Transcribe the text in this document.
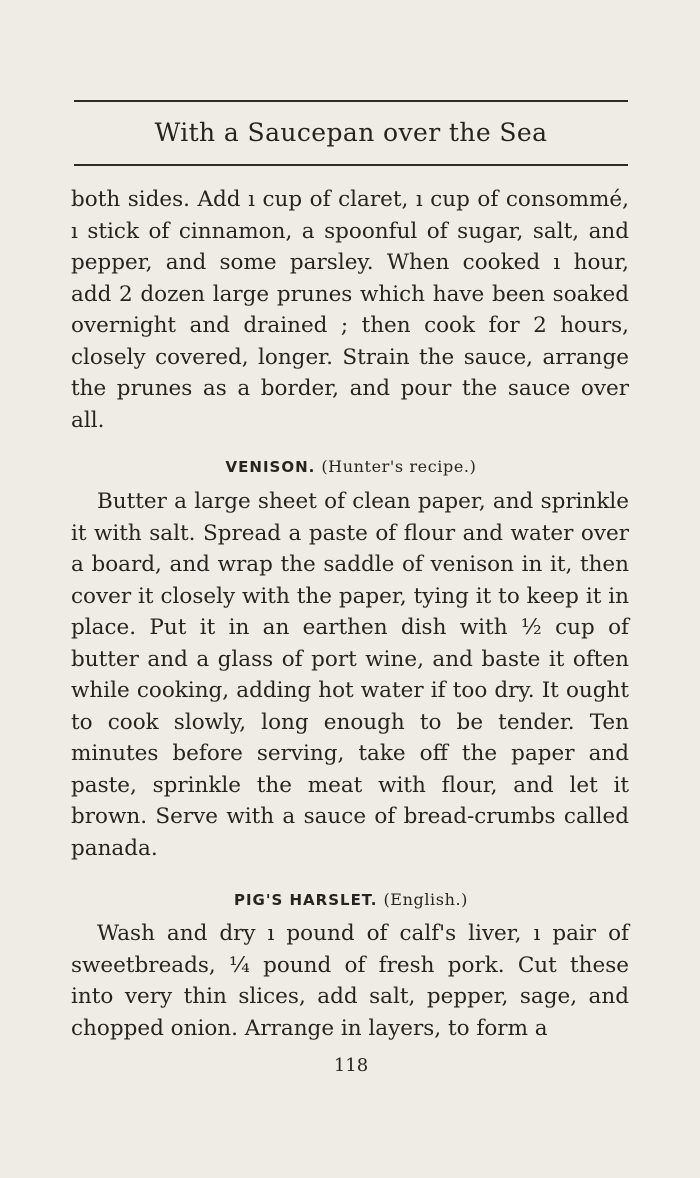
With a Saucepan over the Sea

both sides. Add ı cup of claret, ı cup of consommé, ı stick of cinnamon, a spoonful of sugar, salt, and pepper, and some parsley. When cooked ı hour, add 2 dozen large prunes which have been soaked overnight and drained ; then cook for 2 hours, closely covered, longer. Strain the sauce, arrange the prunes as a border, and pour the sauce over all.

VENISON. (Hunter's recipe.)

Butter a large sheet of clean paper, and sprinkle it with salt. Spread a paste of flour and water over a board, and wrap the saddle of venison in it, then cover it closely with the paper, tying it to keep it in place. Put it in an earthen dish with ½ cup of butter and a glass of port wine, and baste it often while cooking, adding hot water if too dry. It ought to cook slowly, long enough to be tender. Ten minutes before serving, take off the paper and paste, sprinkle the meat with flour, and let it brown. Serve with a sauce of bread-crumbs called panada.

PIG'S HARSLET. (English.)

Wash and dry ı pound of calf's liver, ı pair of sweetbreads, ¼ pound of fresh pork. Cut these into very thin slices, add salt, pepper, sage, and chopped onion. Arrange in layers, to form a

118
